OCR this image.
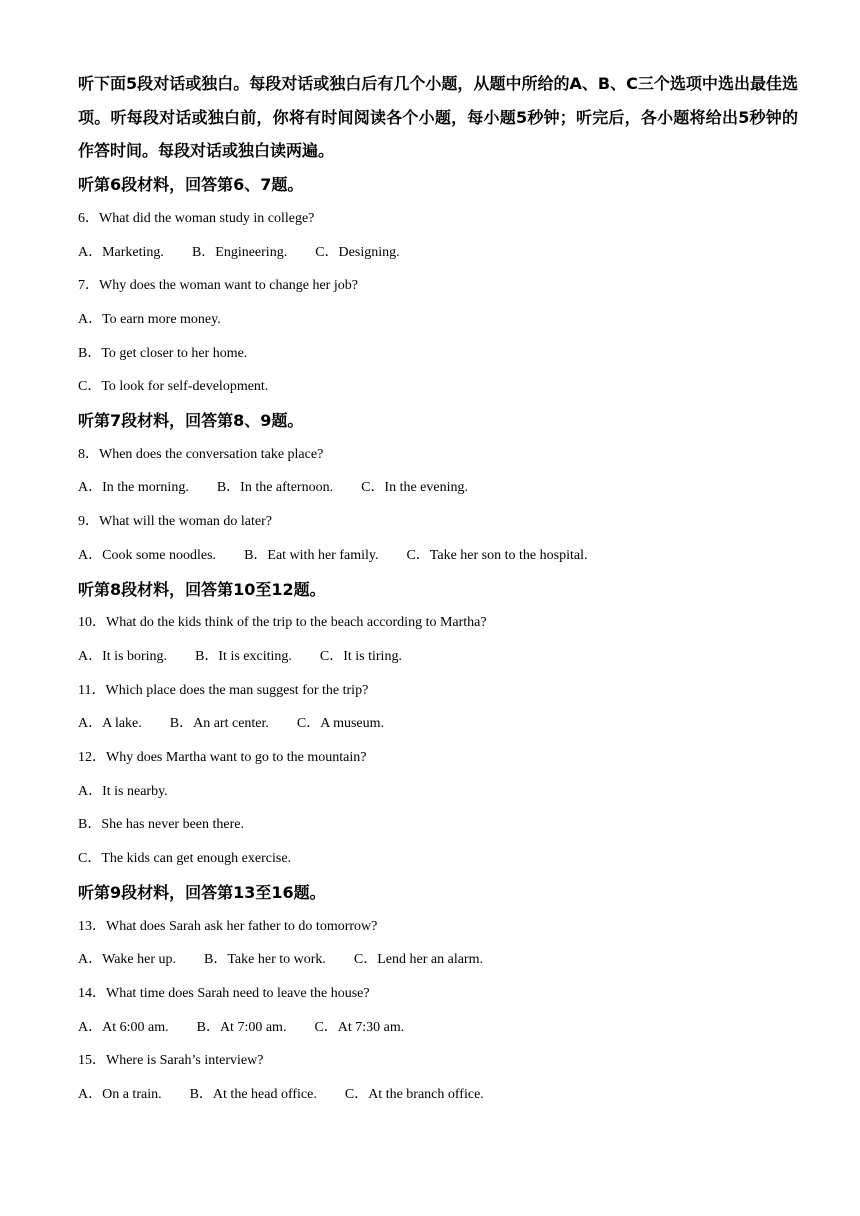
听下面5段对话或独白。每段对话或独白后有几个小题，从题中所给的A、B、C三个选项中选出最佳选项。听每段对话或独白前，你将有时间阅读各个小题，每小题5秒钟；听完后，各小题将给出5秒钟的作答时间。每段对话或独白读两遍。

听第6段材料，回答第6、7题。

6．What did the woman study in college?

A．Marketing. B．Engineering. C．Designing.

7．Why does the woman want to change her job?

A．To earn more money.

B．To get closer to her home.

C．To look for self-development.

听第7段材料，回答第8、9题。

8．When does the conversation take place?

A．In the morning. B．In the afternoon. C．In the evening.

9．What will the woman do later?

A．Cook some noodles. B．Eat with her family. C．Take her son to the hospital.

听第8段材料，回答第10至12题。

10．What do the kids think of the trip to the beach according to Martha?

A．It is boring. B．It is exciting. C．It is tiring.

11．Which place does the man suggest for the trip?

A．A lake. B．An art center. C．A museum.

12．Why does Martha want to go to the mountain?

A．It is nearby.

B．She has never been there.

C．The kids can get enough exercise.

听第9段材料，回答第13至16题。

13．What does Sarah ask her father to do tomorrow?

A．Wake her up. B．Take her to work. C．Lend her an alarm.

14．What time does Sarah need to leave the house?

A．At 6:00 am. B．At 7:00 am. C．At 7:30 am.

15．Where is Sarah’s interview?

A．On a train. B．At the head office. C．At the branch office.
